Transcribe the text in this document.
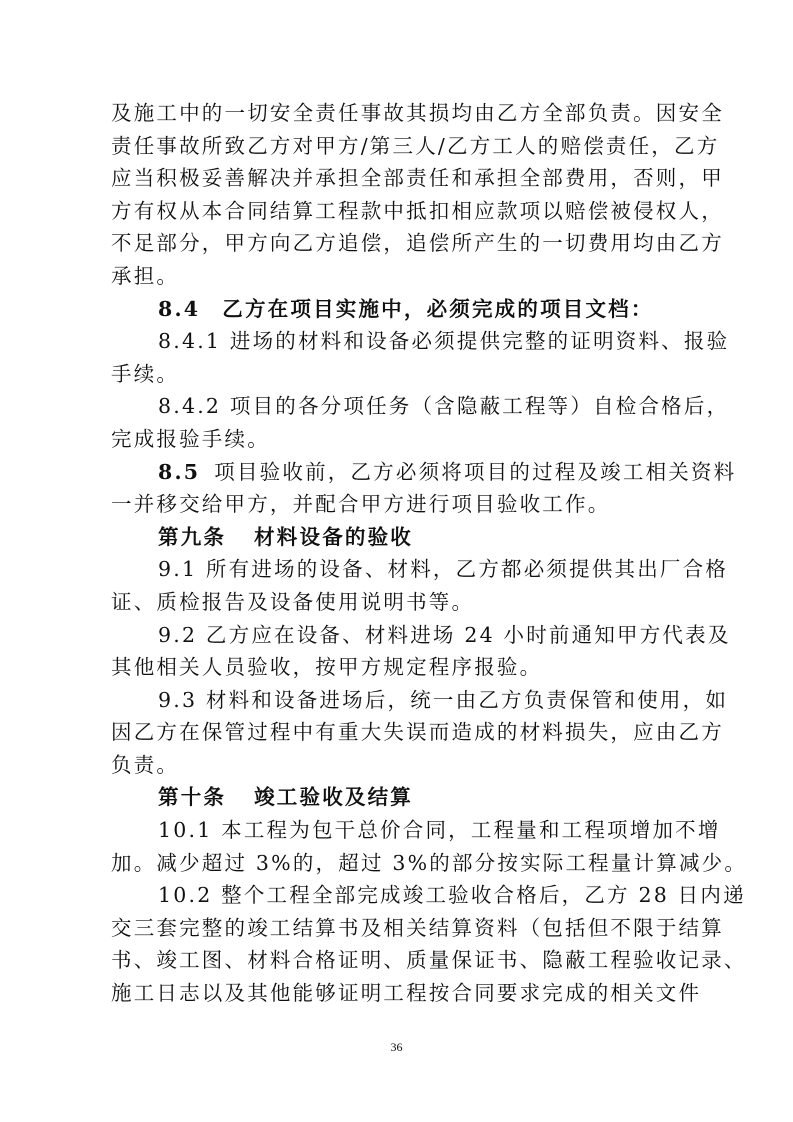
及施工中的一切安全责任事故其损均由乙方全部负责。因安全
责任事故所致乙方对甲方/第三人/乙方工人的赔偿责任，乙方
应当积极妥善解决并承担全部责任和承担全部费用，否则，甲
方有权从本合同结算工程款中抵扣相应款项以赔偿被侵权人，
不足部分，甲方向乙方追偿，追偿所产生的一切费用均由乙方
承担。
8.4 乙方在项目实施中，必须完成的项目文档：
8.4.1 进场的材料和设备必须提供完整的证明资料、报验
手续。
8.4.2 项目的各分项任务（含隐蔽工程等）自检合格后，
完成报验手续。
8.5 项目验收前，乙方必须将项目的过程及竣工相关资料
一并移交给甲方，并配合甲方进行项目验收工作。
第九条 材料设备的验收
9.1 所有进场的设备、材料，乙方都必须提供其出厂合格
证、质检报告及设备使用说明书等。
9.2 乙方应在设备、材料进场 24 小时前通知甲方代表及
其他相关人员验收，按甲方规定程序报验。
9.3 材料和设备进场后，统一由乙方负责保管和使用，如
因乙方在保管过程中有重大失误而造成的材料损失，应由乙方
负责。
第十条 竣工验收及结算
10.1 本工程为包干总价合同，工程量和工程项增加不增
加。减少超过 3%的，超过 3%的部分按实际工程量计算减少。
10.2 整个工程全部完成竣工验收合格后，乙方 28 日内递
交三套完整的竣工结算书及相关结算资料（包括但不限于结算
书、竣工图、材料合格证明、质量保证书、隐蔽工程验收记录、
施工日志以及其他能够证明工程按合同要求完成的相关文件
36
